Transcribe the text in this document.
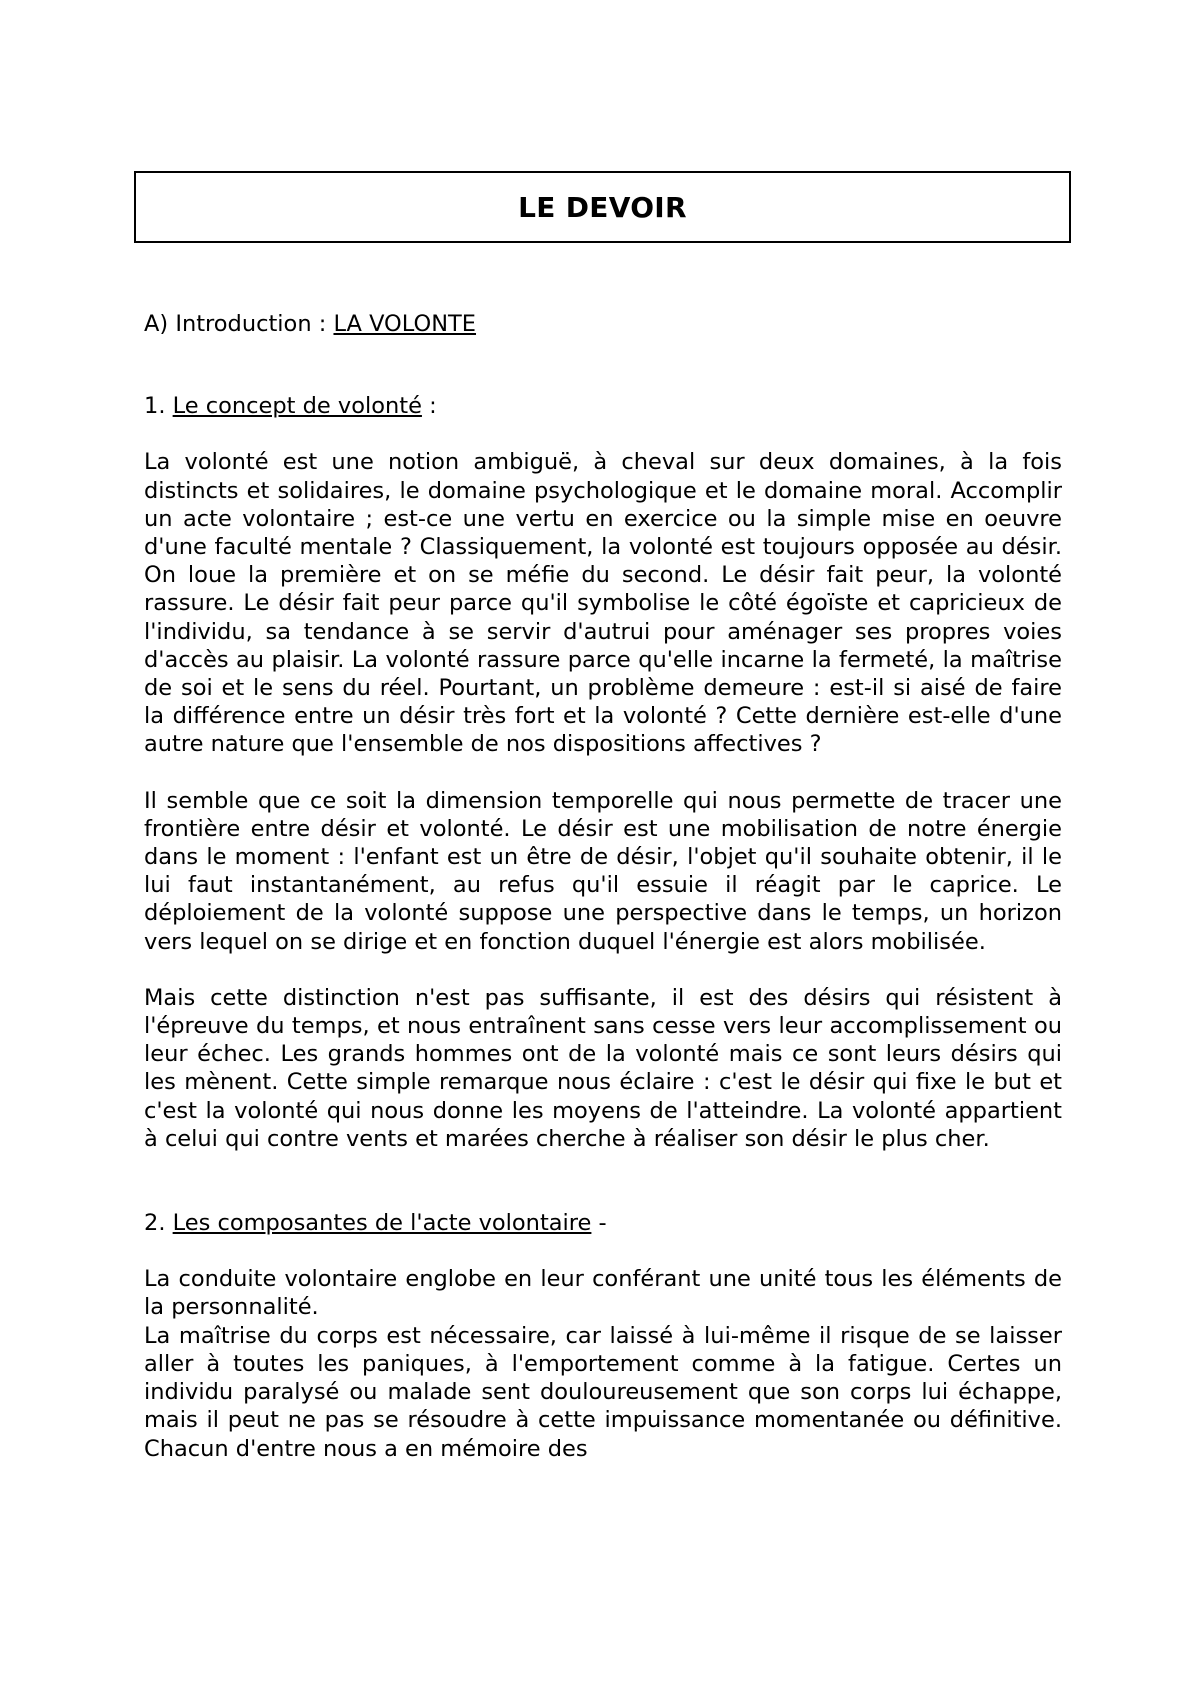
LE DEVOIR

A) Introduction : LA VOLONTE

1. Le concept de volonté :

La volonté est une notion ambiguë, à cheval sur deux domaines, à la fois distincts et solidaires, le domaine psychologique et le domaine moral. Accomplir un acte volontaire ; est-ce une vertu en exercice ou la simple mise en oeuvre d'une faculté mentale ? Classiquement, la volonté est toujours opposée au désir. On loue la première et on se méfie du second. Le désir fait peur, la volonté rassure. Le désir fait peur parce qu'il symbolise le côté égoïste et capricieux de l'individu, sa tendance à se servir d'autrui pour aménager ses propres voies d'accès au plaisir. La volonté rassure parce qu'elle incarne la fermeté, la maîtrise de soi et le sens du réel. Pourtant, un problème demeure : est-il si aisé de faire la différence entre un désir très fort et la volonté ? Cette dernière est-elle d'une autre nature que l'ensemble de nos dispositions affectives ?

Il semble que ce soit la dimension temporelle qui nous permette de tracer une frontière entre désir et volonté. Le désir est une mobilisation de notre énergie dans le moment : l'enfant est un être de désir, l'objet qu'il souhaite obtenir, il le lui faut instantanément, au refus qu'il essuie il réagit par le caprice. Le déploiement de la volonté suppose une perspective dans le temps, un horizon vers lequel on se dirige et en fonction duquel l'énergie est alors mobilisée.

Mais cette distinction n'est pas suffisante, il est des désirs qui résistent à l'épreuve du temps, et nous entraînent sans cesse vers leur accomplissement ou leur échec. Les grands hommes ont de la volonté mais ce sont leurs désirs qui les mènent. Cette simple remarque nous éclaire : c'est le désir qui fixe le but et c'est la volonté qui nous donne les moyens de l'atteindre. La volonté appartient à celui qui contre vents et marées cherche à réaliser son désir le plus cher.

2. Les composantes de l'acte volontaire -

La conduite volontaire englobe en leur conférant une unité tous les éléments de la personnalité.

La maîtrise du corps est nécessaire, car laissé à lui-même il risque de se laisser aller à toutes les paniques, à l'emportement comme à la fatigue. Certes un individu paralysé ou malade sent douloureusement que son corps lui échappe, mais il peut ne pas se résoudre à cette impuissance momentanée ou définitive. Chacun d'entre nous a en mémoire des
